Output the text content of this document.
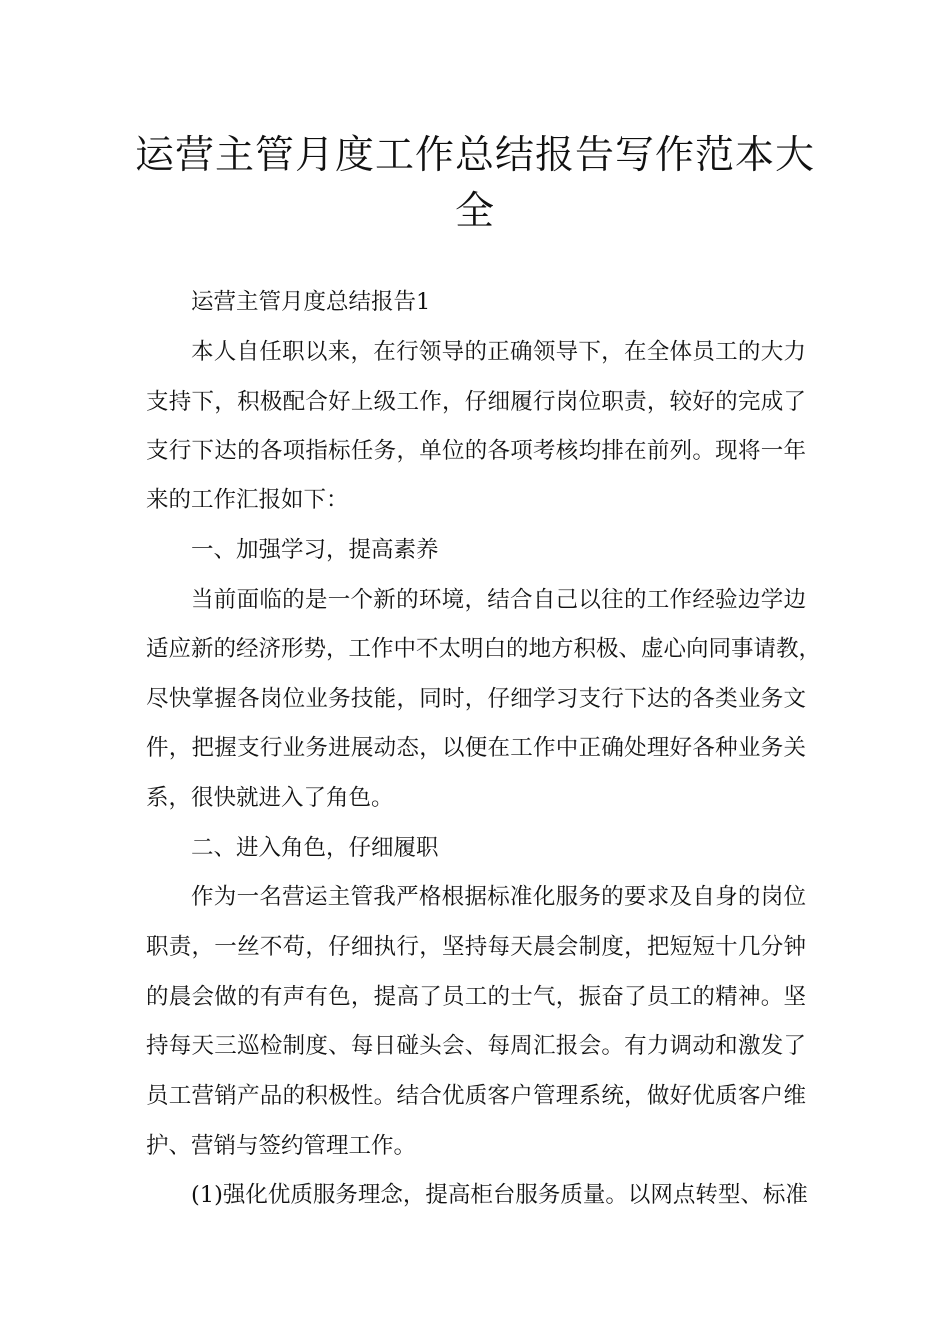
运营主管月度工作总结报告写作范本大
全

运营主管月度总结报告1

本人自任职以来，在行领导的正确领导下，在全体员工的大力

支持下，积极配合好上级工作，仔细履行岗位职责，较好的完成了

支行下达的各项指标任务，单位的各项考核均排在前列。现将一年

来的工作汇报如下：

一、加强学习，提高素养

当前面临的是一个新的环境，结合自己以往的工作经验边学边

适应新的经济形势，工作中不太明白的地方积极、虚心向同事请教，

尽快掌握各岗位业务技能，同时，仔细学习支行下达的各类业务文

件，把握支行业务进展动态，以便在工作中正确处理好各种业务关

系，很快就进入了角色。

二、进入角色，仔细履职

作为一名营运主管我严格根据标准化服务的要求及自身的岗位

职责，一丝不苟，仔细执行，坚持每天晨会制度，把短短十几分钟

的晨会做的有声有色，提高了员工的士气，振奋了员工的精神。坚

持每天三巡检制度、每日碰头会、每周汇报会。有力调动和激发了

员工营销产品的积极性。结合优质客户管理系统，做好优质客户维

护、营销与签约管理工作。

(1)强化优质服务理念，提高柜台服务质量。以网点转型、标准
